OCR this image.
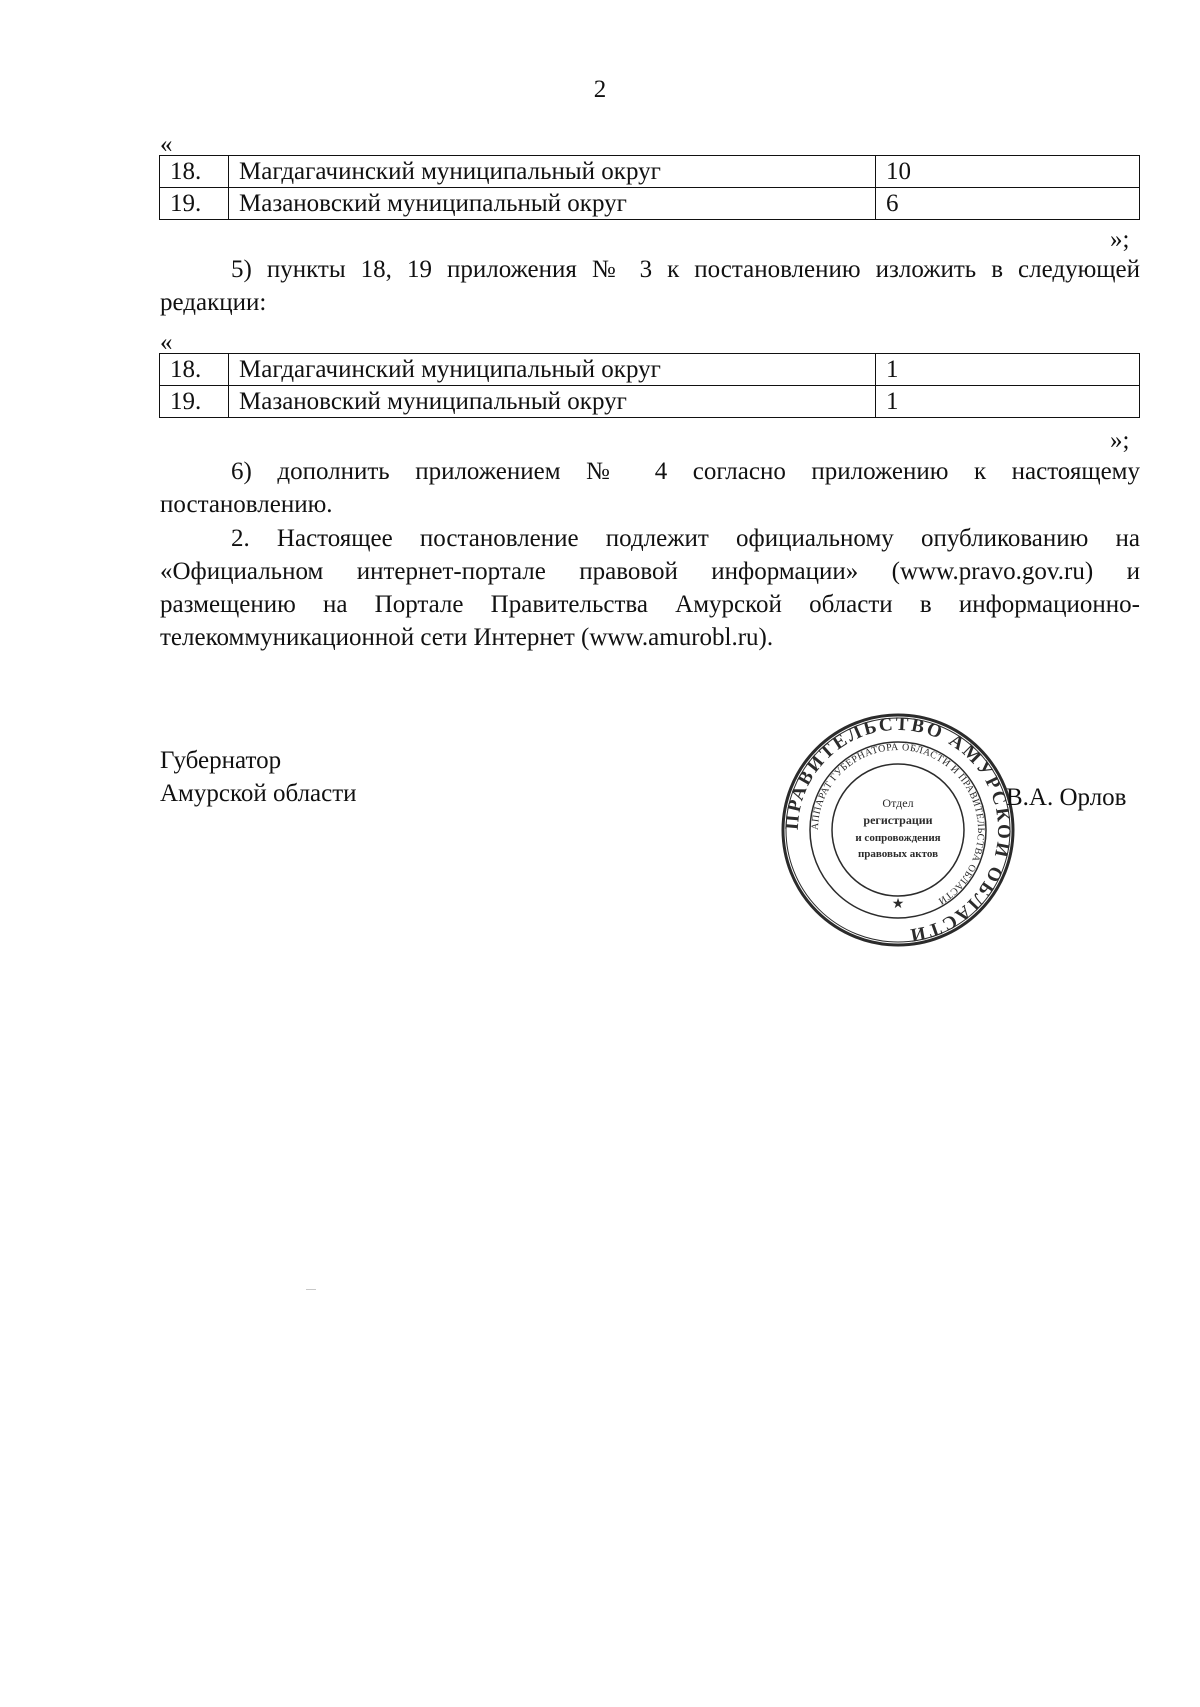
2
«
18.	Магдагачинский муниципальный округ	10
19.	Мазановский муниципальный округ	6
»;
5) пункты 18, 19 приложения № 3 к постановлению изложить в следующей редакции:
«
18.	Магдагачинский муниципальный округ	1
19.	Мазановский муниципальный округ	1
»;
6) дополнить приложением № 4 согласно приложению к настоящему постановлению.
2. Настоящее постановление подлежит официальному опубликованию на «Официальном интернет-портале правовой информации» (www.pravo.gov.ru) и размещению на Портале Правительства Амурской области в информационно-телекоммуникационной сети Интернет (www.amurobl.ru).
Губернатор
Амурской области
ПРАВИТЕЛЬСТВО АМУРСКОЙ ОБЛАСТИ
АППАРАТ ГУБЕРНАТОРА ОБЛАСТИ И ПРАВИТЕЛЬСТВА ОБЛАСТИ
Отдел
регистрации
и сопровождения
правовых актов
★
В.А. Орлов
